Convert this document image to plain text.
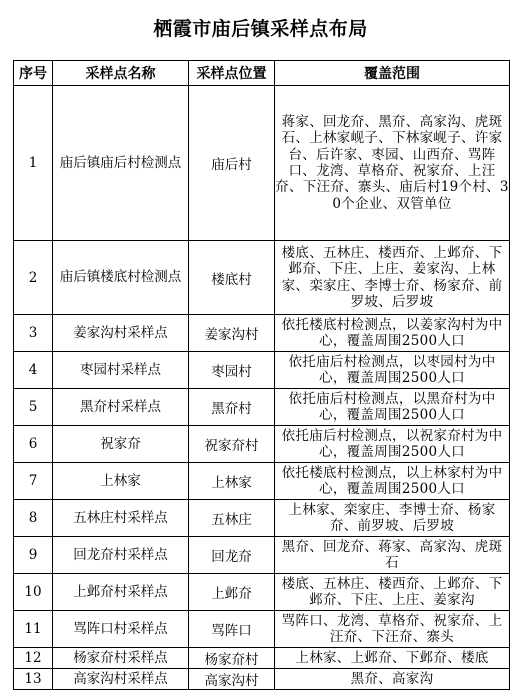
栖霞市庙后镇采样点布局
序号	采样点名称	采样点位置	覆盖范围
1	庙后镇庙后村检测点	庙后村	蒋家、回龙夼、黑夼、高家沟、虎斑石、上林家岘子、下林家岘子、许家台、后许家、枣园、山西夼、骂阵口、龙湾、草格夼、祝家夼、上汪夼、下汪夼、寨头、庙后村19个村、30个企业、双管单位
2	庙后镇楼底村检测点	楼底村	楼底、五林庄、楼西夼、上邺夼、下邺夼、下庄、上庄、姜家沟、上林家、栾家庄、李博士夼、杨家夼、前罗坡、后罗坡
3	姜家沟村采样点	姜家沟村	依托楼底村检测点，以姜家沟村为中心，覆盖周围2500人口
4	枣园村采样点	枣园村	依托庙后村检测点，以枣园村为中心，覆盖周围2500人口
5	黑夼村采样点	黑夼村	依托庙后村检测点，以黑夼村为中心，覆盖周围2500人口
6	祝家夼	祝家夼村	依托庙后村检测点，以祝家夼村为中心，覆盖周围2500人口
7	上林家	上林家	依托楼底村检测点，以上林家村为中心，覆盖周围2500人口
8	五林庄村采样点	五林庄	上林家、栾家庄、李博士夼、杨家夼、前罗坡、后罗坡
9	回龙夼村采样点	回龙夼	黑夼、回龙夼、蒋家、高家沟、虎斑石
10	上邺夼村采样点	上邺夼	楼底、五林庄、楼西夼、上邺夼、下邺夼、下庄、上庄、姜家沟
11	骂阵口村采样点	骂阵口	骂阵口、龙湾、草格夼、祝家夼、上汪夼、下汪夼、寨头
12	杨家夼村采样点	杨家夼村	上林家、上邺夼、下邺夼、楼底
13	高家沟村采样点	高家沟村	黑夼、高家沟
